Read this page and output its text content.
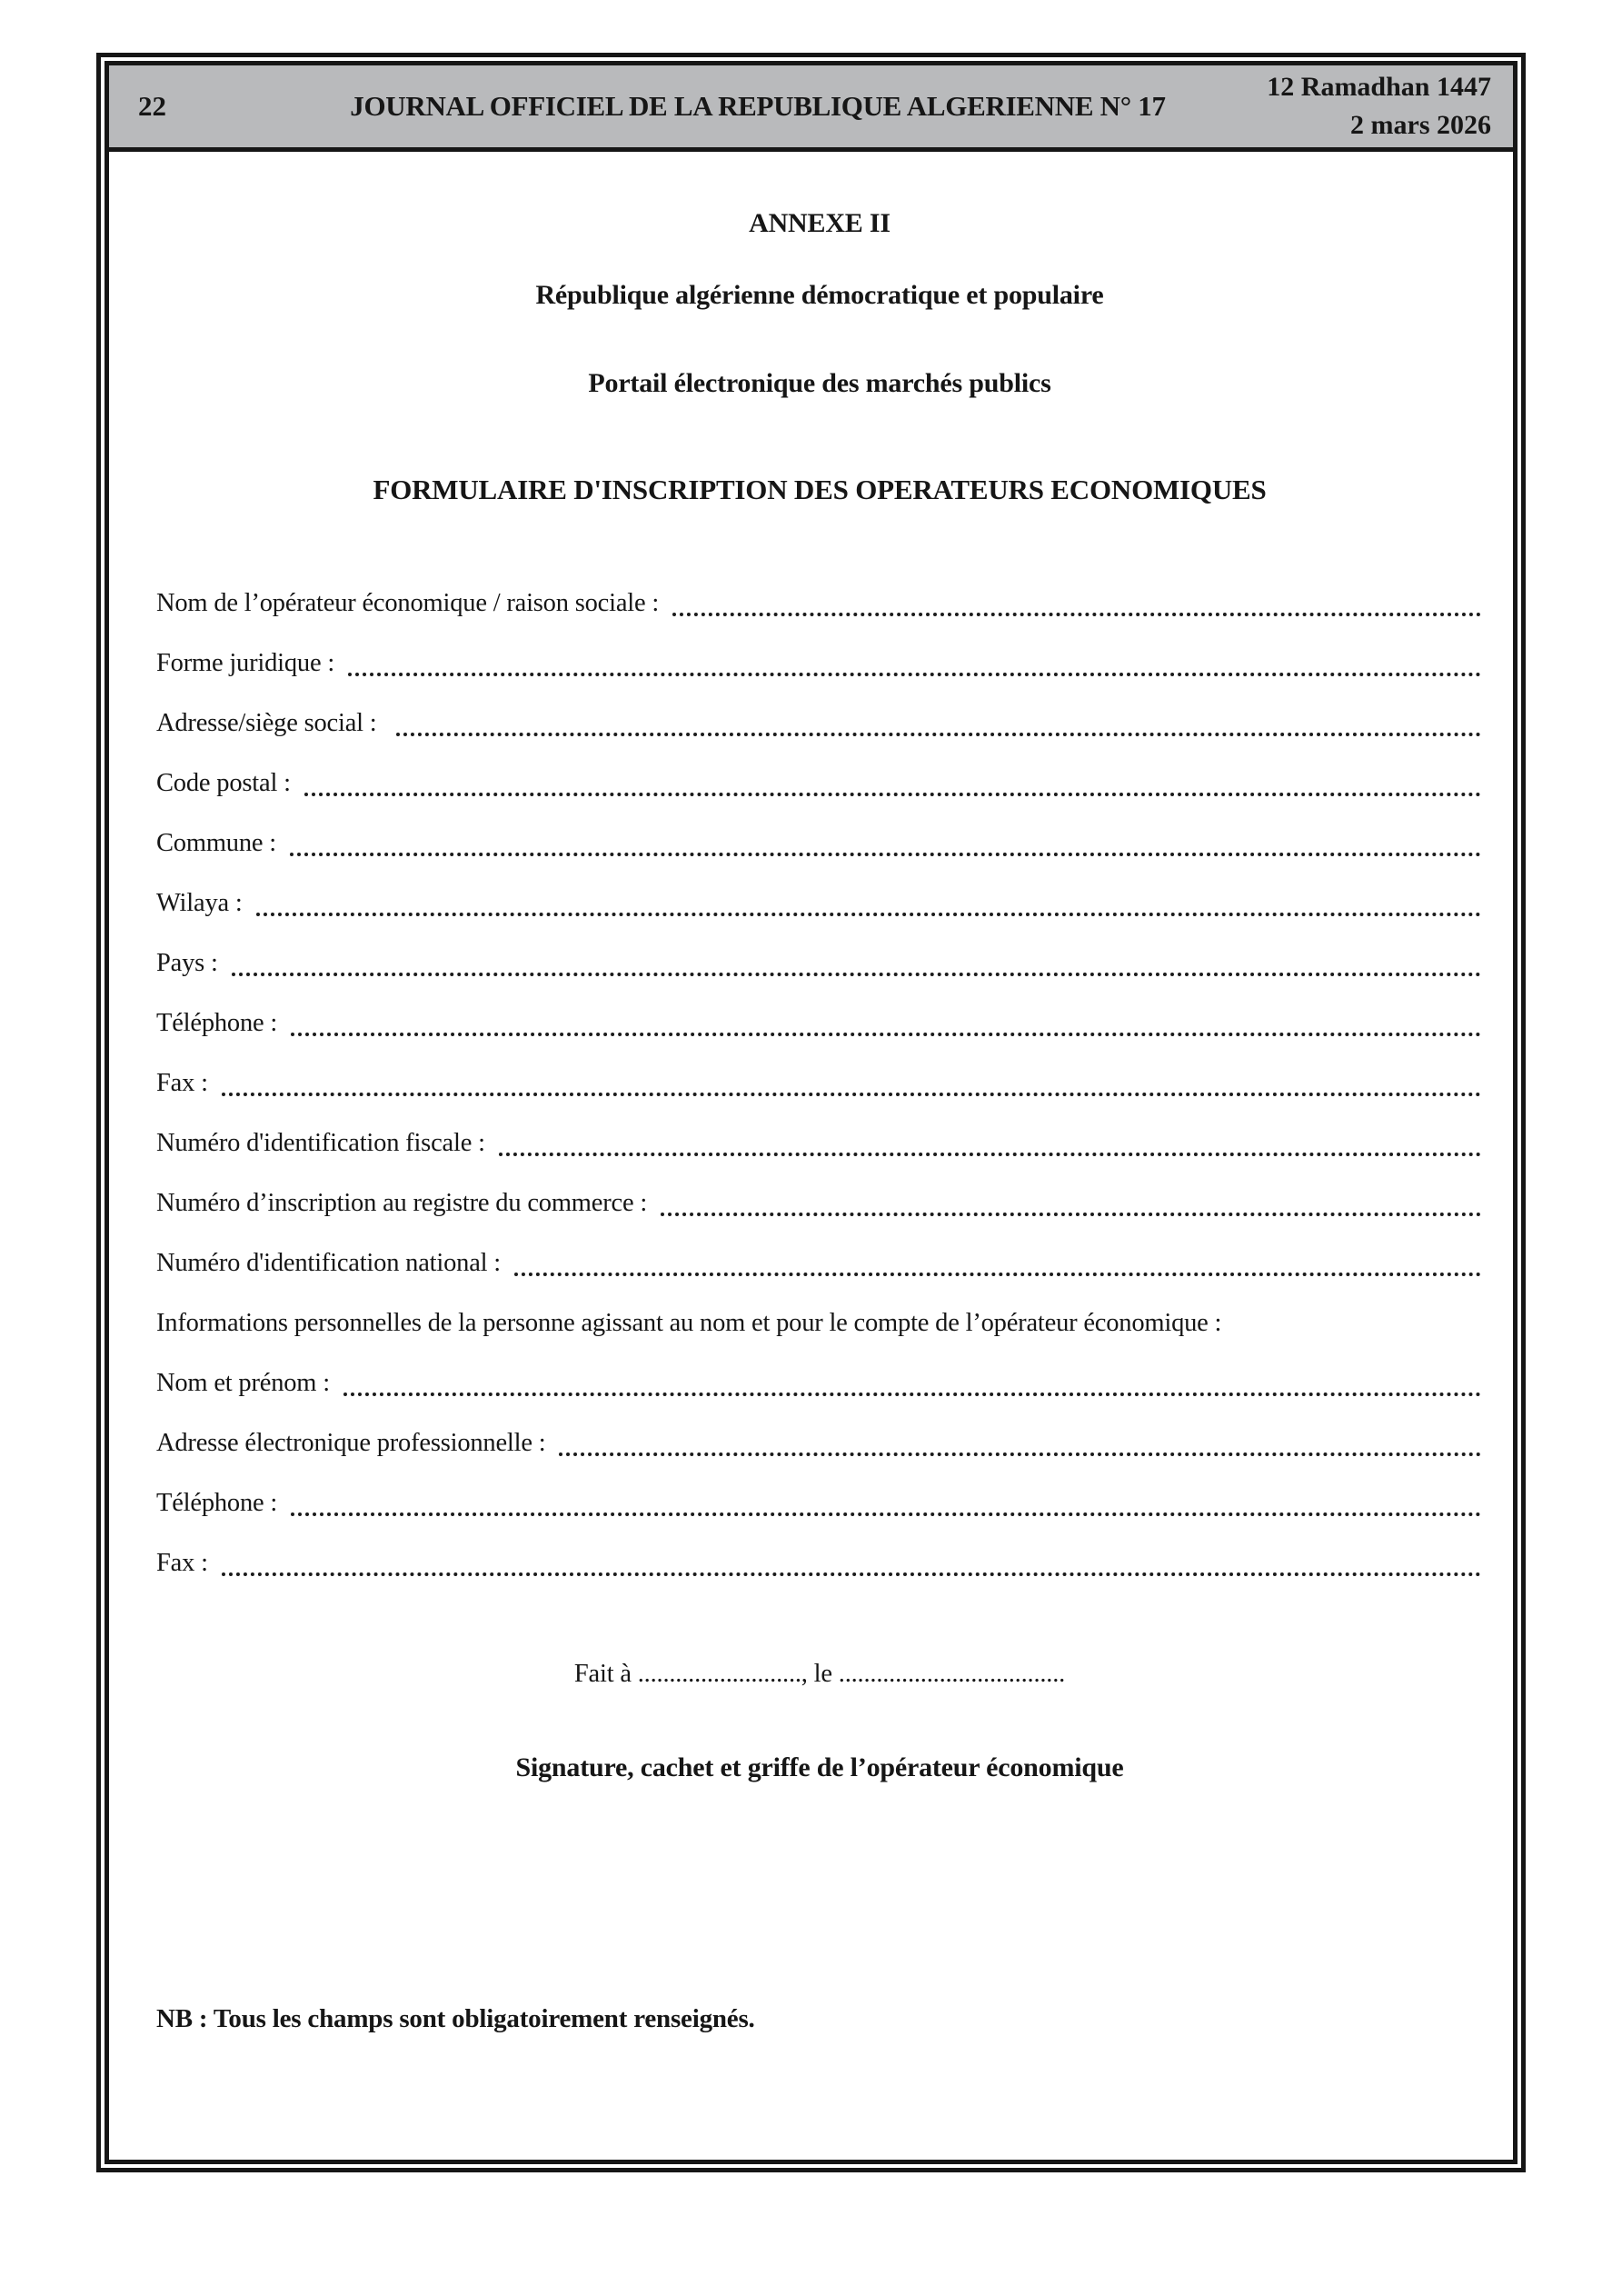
22	JOURNAL OFFICIEL DE LA REPUBLIQUE ALGERIENNE N° 17
12 Ramadhan 1447
2 mars 2026
ANNEXE II
République algérienne démocratique et populaire
Portail électronique des marchés publics
FORMULAIRE D'INSCRIPTION DES OPERATEURS ECONOMIQUES
Nom de l’opérateur économique / raison sociale :
Forme juridique :
Adresse/siège social :
Code postal :
Commune :
Wilaya :
Pays :
Téléphone :
Fax :
Numéro d'identification fiscale :
Numéro d’inscription au registre du commerce :
Numéro d'identification national :
Informations personnelles de la personne agissant au nom et pour le compte de l’opérateur économique :
Nom et prénom :
Adresse électronique professionnelle :
Téléphone :
Fax :
Fait à .........................., le ....................................
Signature, cachet et griffe de l’opérateur économique
NB : Tous les champs sont obligatoirement renseignés.
